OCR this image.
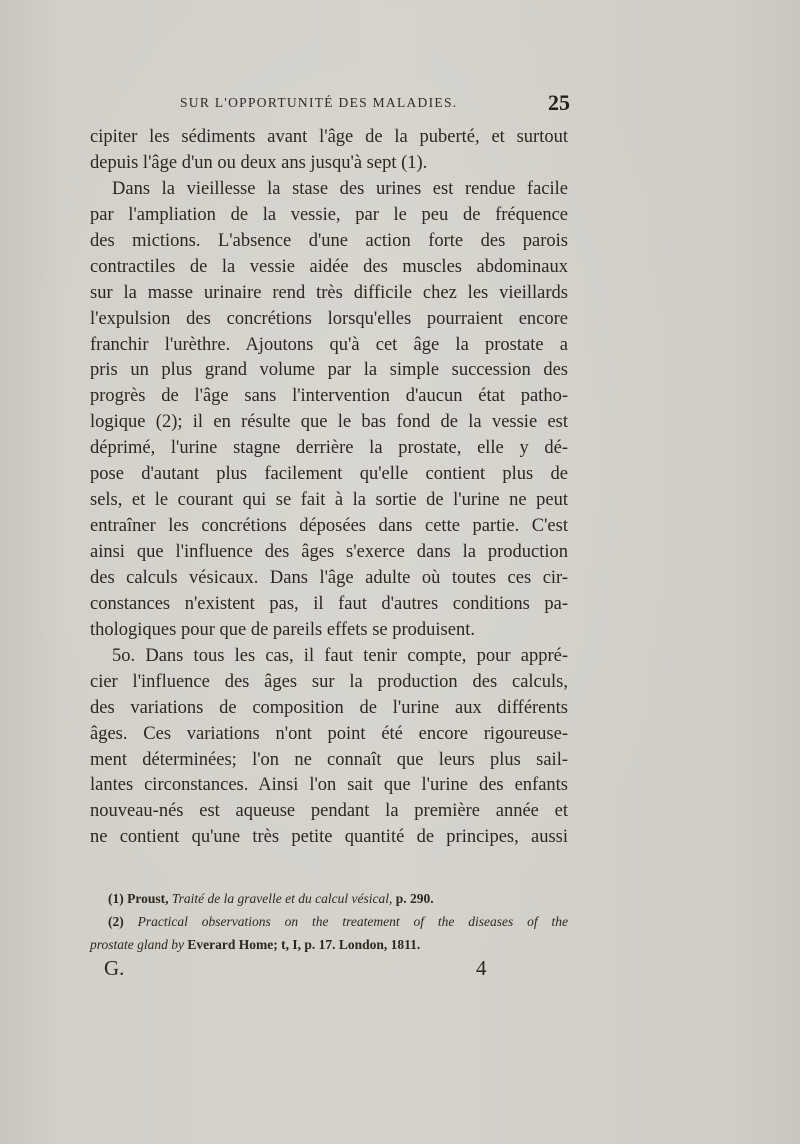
SUR L'OPPORTUNITÉ DES MALADIES.	25
cipiter les sédiments avant l'âge de la puberté, et surtout
depuis l'âge d'un ou deux ans jusqu'à sept (1).
Dans la vieillesse la stase des urines est rendue facile
par l'ampliation de la vessie, par le peu de fréquence
des mictions. L'absence d'une action forte des parois
contractiles de la vessie aidée des muscles abdominaux
sur la masse urinaire rend très difficile chez les vieillards
l'expulsion des concrétions lorsqu'elles pourraient encore
franchir l'urèthre. Ajoutons qu'à cet âge la prostate a
pris un plus grand volume par la simple succession des
progrès de l'âge sans l'intervention d'aucun état patho-
logique (2); il en résulte que le bas fond de la vessie est
déprimé, l'urine stagne derrière la prostate, elle y dé-
pose d'autant plus facilement qu'elle contient plus de
sels, et le courant qui se fait à la sortie de l'urine ne peut
entraîner les concrétions déposées dans cette partie. C'est
ainsi que l'influence des âges s'exerce dans la production
des calculs vésicaux. Dans l'âge adulte où toutes ces cir-
constances n'existent pas, il faut d'autres conditions pa-
thologiques pour que de pareils effets se produisent.
5o. Dans tous les cas, il faut tenir compte, pour appré-
cier l'influence des âges sur la production des calculs,
des variations de composition de l'urine aux différents
âges. Ces variations n'ont point été encore rigoureuse-
ment déterminées; l'on ne connaît que leurs plus sail-
lantes circonstances. Ainsi l'on sait que l'urine des enfants
nouveau-nés est aqueuse pendant la première année et
ne contient qu'une très petite quantité de principes, aussi
(1) Proust, Traité de la gravelle et du calcul vésical, p. 290.
(2) Practical observations on the treatement of the diseases of the
prostate gland by Everard Home; t, I, p. 17. London, 1811.
G.	4
